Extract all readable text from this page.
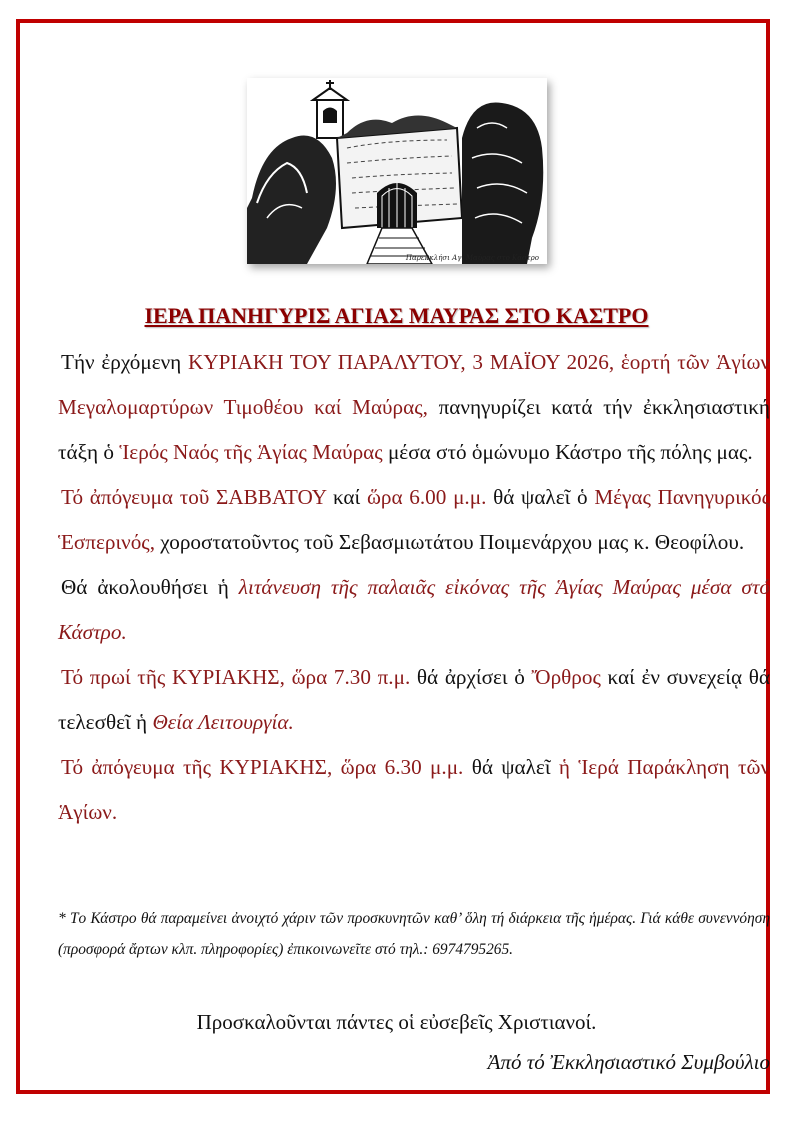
Παρεκκλήσι Αγ. Μαύρας στο Κάστρο
ΙΕΡΑ ΠΑΝΗΓΥΡΙΣ ΑΓΙΑΣ ΜΑΥΡΑΣ ΣΤΟ ΚΑΣΤΡΟ

Τήν ἐρχόμενη ΚΥΡΙΑΚΗ ΤΟΥ ΠΑΡΑΛΥΤΟΥ, 3 ΜΑΪΟΥ 2026, ἑορτή τῶν Ἁγίων Μεγαλομαρτύρων Τιμοθέου καί Μαύρας, πανηγυρίζει κατά τήν ἐκκλησιαστική τάξη ὁ Ἱερός Ναός τῆς Ἁγίας Μαύρας μέσα στό ὁμώνυμο Κάστρο τῆς πόλης μας.

Τό ἀπόγευμα τοῦ ΣΑΒΒΑΤΟΥ καί ὥρα 6.00 μ.μ. θά ψαλεῖ ὁ Μέγας Πανηγυρικός Ἑσπερινός, χοροστατοῦντος τοῦ Σεβασμιωτάτου Ποιμενάρχου μας κ. Θεοφίλου.

Θά ἀκολουθήσει ἡ λιτάνευση τῆς παλαιᾶς εἰκόνας τῆς Ἁγίας Μαύρας μέσα στό Κάστρο.

Τό πρωί τῆς ΚΥΡΙΑΚΗΣ, ὥρα 7.30 π.μ. θά ἀρχίσει ὁ Ὄρθρος καί ἐν συνεχείᾳ θά τελεσθεῖ ἡ Θεία Λειτουργία.

Τό ἀπόγευμα τῆς ΚΥΡΙΑΚΗΣ, ὥρα 6.30 μ.μ. θά ψαλεῖ ἡ Ἱερά Παράκληση τῶν Ἁγίων.

* Τo Κάστρο θά παραμείνει ἀνοιχτό χάριν τῶν προσκυνητῶν καθ’ ὅλη τή διάρκεια τῆς ἡμέρας. Γιά κάθε συνεννόηση (προσφορά ἄρτων κλπ. πληροφορίες) ἐπικοινωνεῖτε στό τηλ.: 6974795265.
Προσκαλοῦνται πάντες οἱ εὐσεβεῖς Χριστιανοί.
Ἀπό τό Ἐκκλησιαστικό Συμβούλιο
